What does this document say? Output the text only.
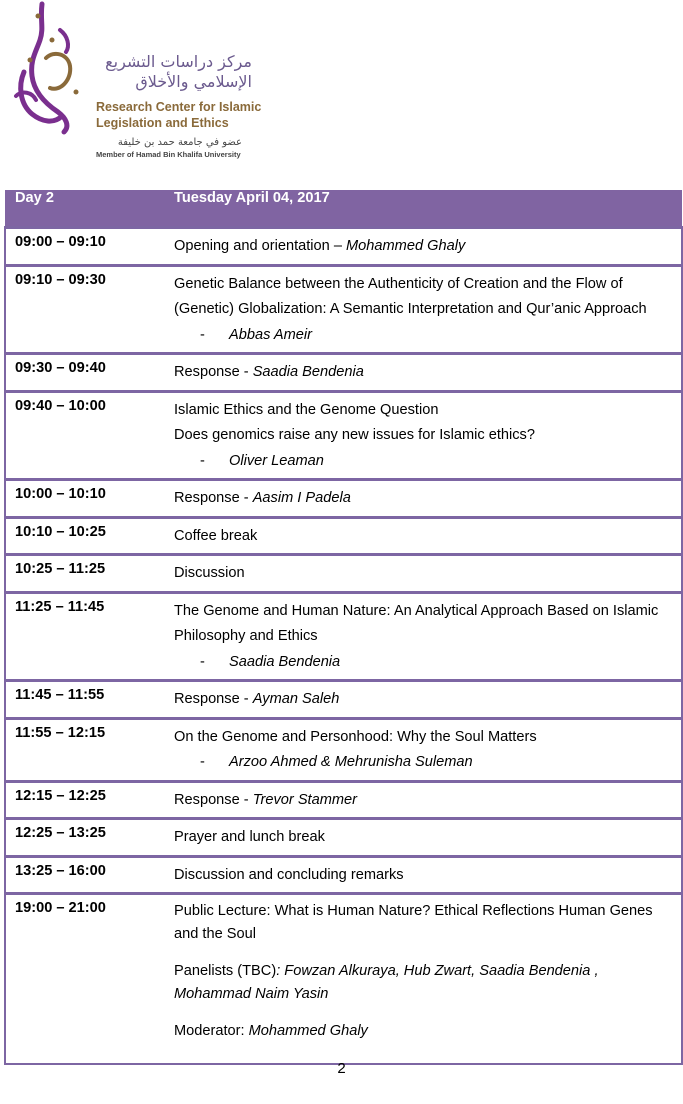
مركز دراسات التشريع
الإسلامي والأخلاق
Research Center for Islamic
Legislation and Ethics
عضو في جامعة حمد بن خليفة
Member of Hamad Bin Khalifa University
Day 2	Tuesday April 04, 2017
09:00 – 09:10	Opening and orientation – Mohammed Ghaly
09:10 – 09:30	Genetic Balance between the Authenticity of Creation and the Flow of (Genetic) Globalization: A Semantic Interpretation and Qur’anic Approach
- Abbas Ameir

09:30 – 09:40	Response - Saadia Bendenia
09:40 – 10:00	Islamic Ethics and the Genome Question
Does genomics raise any new issues for Islamic ethics?
- Oliver Leaman

10:00 – 10:10	Response - Aasim I Padela
10:10 – 10:25	Coffee break
10:25 – 11:25	Discussion
11:25 – 11:45	The Genome and Human Nature: An Analytical Approach Based on Islamic Philosophy and Ethics
- Saadia Bendenia

11:45 – 11:55	Response - Ayman Saleh
11:55 – 12:15	On the Genome and Personhood: Why the Soul Matters
- Arzoo Ahmed & Mehrunisha Suleman

12:15 – 12:25	Response - Trevor Stammer
12:25 – 13:25	Prayer and lunch break
13:25 – 16:00	Discussion and concluding remarks
19:00 – 21:00	Public Lecture: What is Human Nature? Ethical Reflections Human Genes and the Soul
Panelists (TBC): Fowzan Alkuraya, Hub Zwart, Saadia Bendenia , Mohammad Naim Yasin
Moderator: Mohammed Ghaly
2
